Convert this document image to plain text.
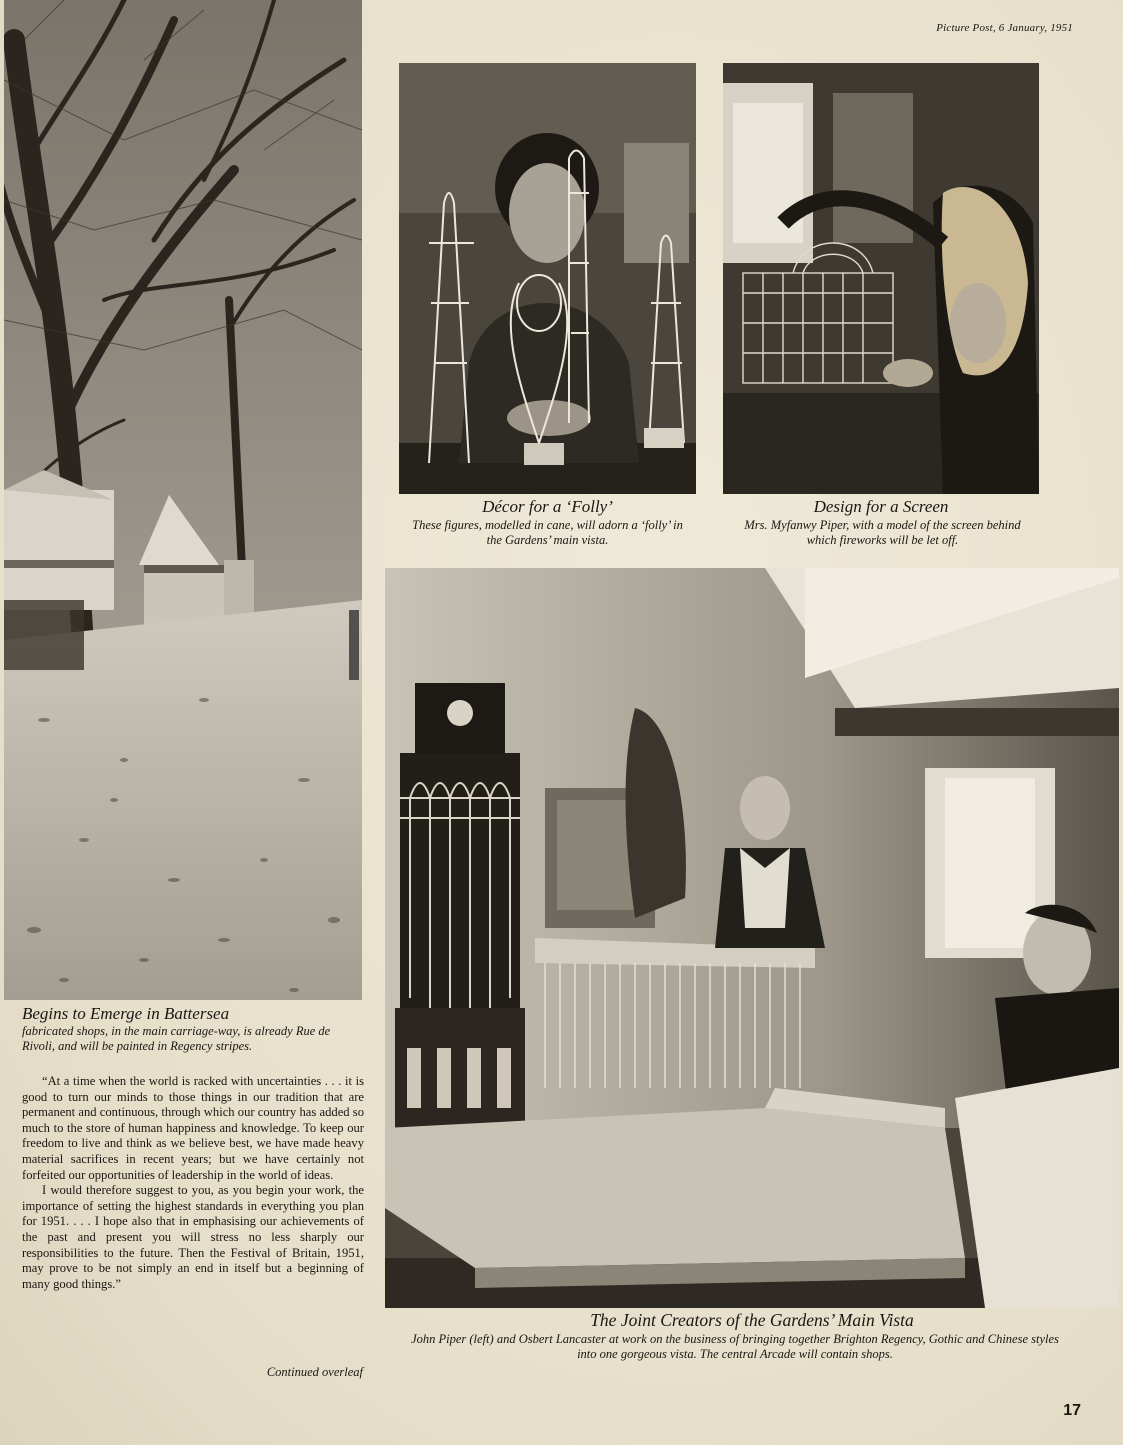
Picture Post, 6 January, 1951
Begins to Emerge in Battersea
fabricated shops, in the main carriage-way, is already Rue de Rivoli, and will be painted in Regency stripes.
Décor for a ‘Folly’
These figures, modelled in cane, will adorn a ‘folly’ in the Gardens’ main vista.
Design for a Screen
Mrs. Myfanwy Piper, with a model of the screen behind which fireworks will be let off.
The Joint Creators of the Gardens’ Main Vista
John Piper (left) and Osbert Lancaster at work on the business of bringing together Brighton Regency, Gothic and Chinese styles into one gorgeous vista. The central Arcade will contain shops.

“At a time when the world is racked with uncertainties . . . it is good to turn our minds to those things in our tradition that are permanent and continuous, through which our country has added so much to the store of human happiness and knowledge. To keep our freedom to live and think as we believe best, we have made heavy material sacrifices in recent years; but we have certainly not forfeited our opportunities of leadership in the world of ideas.

I would therefore suggest to you, as you begin your work, the importance of setting the highest standards in everything you plan for 1951. . . . I hope also that in emphasising our achievements of the past and present you will stress no less sharply our responsibilities to the future. Then the Festival of Britain, 1951, may prove to be not simply an end in itself but a beginning of many good things.”

Continued overleaf
17
